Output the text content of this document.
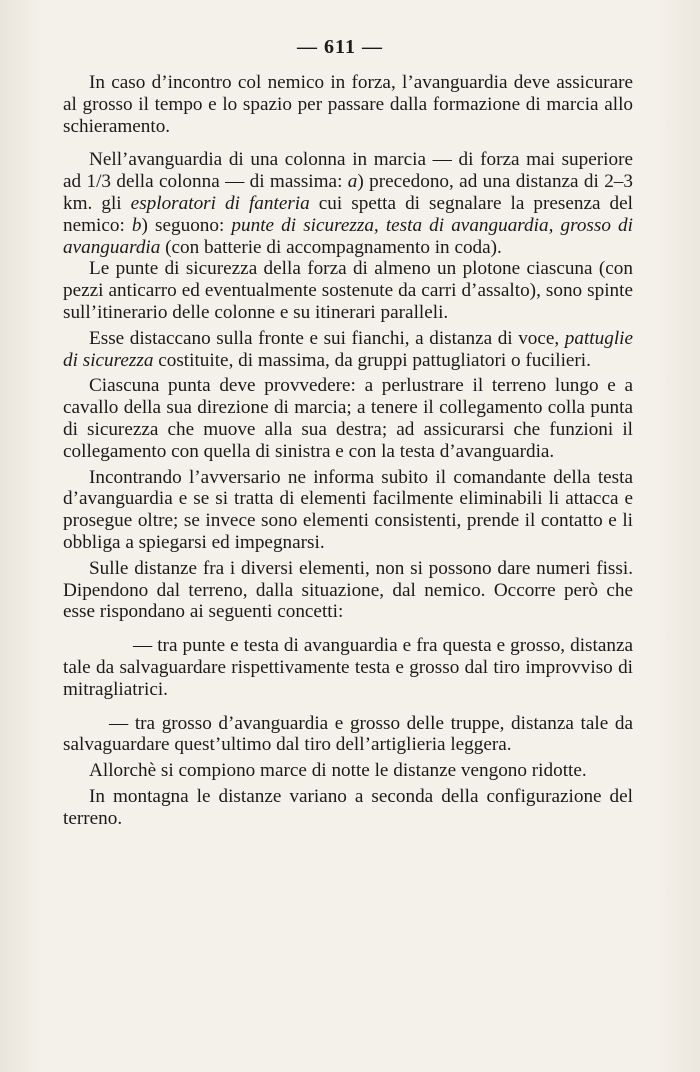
— 611 —

In caso d’incontro col nemico in forza, l’avanguardia deve assicurare al grosso il tempo e lo spazio per passare dalla formazione di marcia allo schieramento.

Nell’avanguardia di una colonna in marcia — di forza mai superiore ad 1/3 della colonna — di massima: a) precedono, ad una distanza di 2–3 km. gli esploratori di fanteria cui spetta di segnalare la presenza del nemico: b) seguono: punte di sicurezza, testa di avanguardia, grosso di avanguardia (con batterie di accompagnamento in coda).

Le punte di sicurezza della forza di almeno un plotone ciascuna (con pezzi anticarro ed eventualmente sostenute da carri d’assalto), sono spinte sull’itinerario delle colonne e su itinerari paralleli.

Esse distaccano sulla fronte e sui fianchi, a distanza di voce, pattuglie di sicurezza costituite, di massima, da gruppi pattugliatori o fucilieri.

Ciascuna punta deve provvedere: a perlustrare il terreno lungo e a cavallo della sua direzione di marcia; a tenere il collegamento colla punta di sicurezza che muove alla sua destra; ad assicurarsi che funzioni il collegamento con quella di sinistra e con la testa d’avanguardia.

Incontrando l’avversario ne informa subito il comandante della testa d’avanguardia e se si tratta di elementi facilmente eliminabili li attacca e prosegue oltre; se invece sono elementi consistenti, prende il contatto e li obbliga a spiegarsi ed impegnarsi.

Sulle distanze fra i diversi elementi, non si possono dare numeri fissi. Dipendono dal terreno, dalla situazione, dal nemico. Occorre però che esse rispondano ai seguenti concetti:

— tra punte e testa di avanguardia e fra questa e grosso, distanza tale da salvaguardare rispettivamente testa e grosso dal tiro improvviso di mitragliatrici.

— tra grosso d’avanguardia e grosso delle truppe, distanza tale da salvaguardare quest’ultimo dal tiro dell’artiglieria leggera.

Allorchè si compiono marce di notte le distanze vengono ridotte.

In montagna le distanze variano a seconda della configurazione del terreno.
